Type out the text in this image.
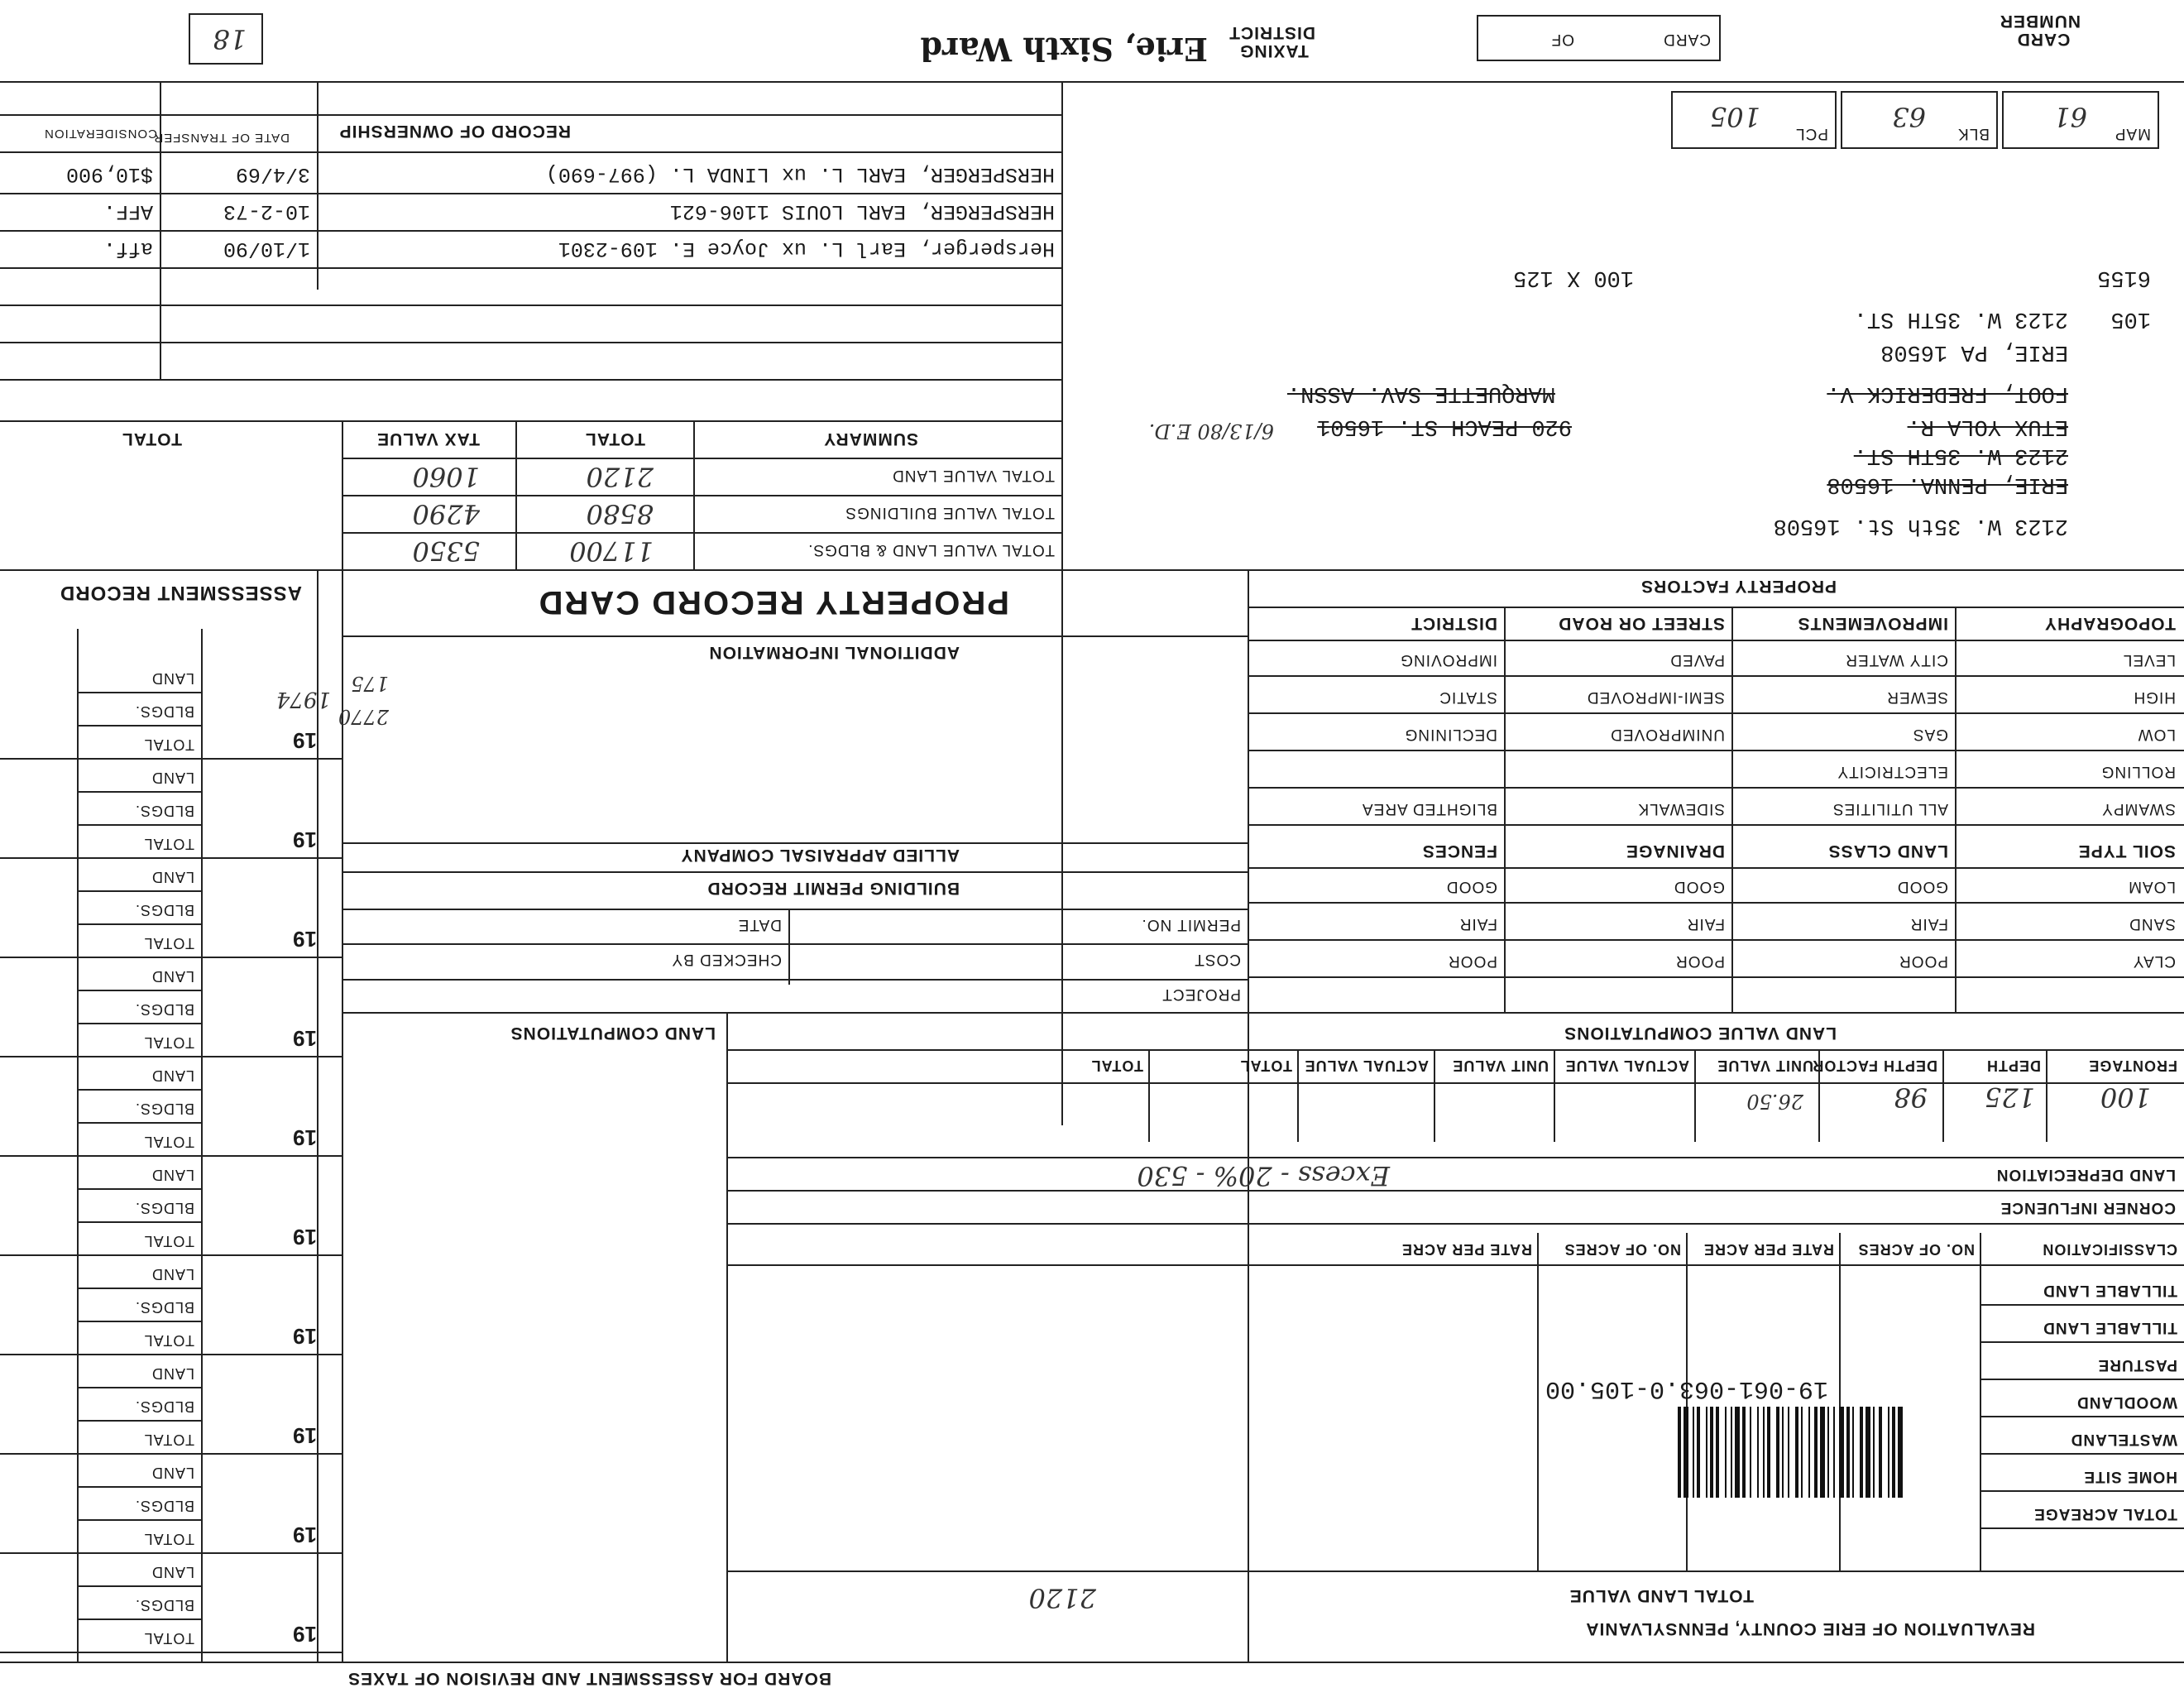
CARD NUMBER
CARD
OF
TAXING DISTRICT
Erie, Sixth Ward
18
MAP
61
BLK
63
PCL
105
6155
105
2123 W. 35TH ST.
ERIE, PA 16508
100 X 125
FOOT, FREDERICK V.
ETUX YOLA R.
2123 W. 35TH ST.
ERIE, PENNA. 16508
MARQUETTE SAV. ASSN.
920 PEACH ST. 16501
6/13/80 E.D.
2123 W. 35th St. 16508
RECORD OF OWNERSHIP
DATE OF TRANSFER
CONSIDERATION
HERSPERGER, EARL L. ux LINDA L. (997-690)
3/4/69
$10,900
HERSPERGER, EARL LOUIS 1106-621
10-2-73
AFF.
Hersperger, Earl L. ux Joyce E. 109-2301
1/10/90
aff.
SUMMARY
TOTAL
TAX VALUE
TOTAL
TOTAL VALUE LAND
2120
1060
TOTAL VALUE BUILDINGS
8580
4290
TOTAL VALUE LAND & BLDGS.
11700
5350
PROPERTY RECORD CARD
ASSESSMENT RECORD
19
LAND
BLDGS.
TOTAL
19
LAND
BLDGS.
TOTAL
19
LAND
BLDGS.
TOTAL
19
LAND
BLDGS.
TOTAL
19
LAND
BLDGS.
TOTAL
19
LAND
BLDGS.
TOTAL
19
LAND
BLDGS.
TOTAL
19
LAND
BLDGS.
TOTAL
19
LAND
BLDGS.
TOTAL
19
LAND
BLDGS.
TOTAL
1974
175
2770
ADDITIONAL INFORMATION
ALLIED APPRAISAL COMPANY
BUILDING PERMIT RECORD
PERMIT NO.
DATE
COST
CHECKED BY
PROJECT
LAND COMPUTATIONS
PROPERTY FACTORS
TOPOGRAPHY
IMPROVEMENTS
STREET OR ROAD
DISTRICT
LEVEL
CITY WATER
PAVED
IMPROVING
HIGH
SEWER
SEMI-IMPROVED
STATIC
LOW
GAS
UNIMPROVED
DECLINING
ROLLING
ELECTRICITY
SWAMPY
ALL UTILITIES
SIDEWALK
BLIGHTED AREA
SOIL TYPE
LAND CLASS
DRAINAGE
FENCES
LOAM
GOOD
GOOD
GOOD
SAND
FAIR
FAIR
FAIR
CLAY
POOR
POOR
POOR
LAND VALUE COMPUTATIONS
FRONTAGE
DEPTH
DEPTH FACTOR
UNIT VALUE
ACTUAL VALUE
UNIT VALUE
ACTUAL VALUE
TOTAL
TOTAL
100
125
98
26.50
LAND DEPRECIATION
CORNER INFLUENCE
Excess - 20% - 530
CLASSIFICATION
NO. OF ACRES
RATE PER ACRE
NO. OF ACRES
RATE PER ACRE
TILLABLE LAND
TILLABLE LAND
PASTURE
WOODLAND
WASTELAND
HOME SITE
TOTAL ACREAGE
TOTAL LAND VALUE
2120
19-061-063.0-105.00
REVALUATION OF ERIE COUNTY, PENNSYLVANIA
BOARD FOR ASSESSMENT AND REVISION OF TAXES
